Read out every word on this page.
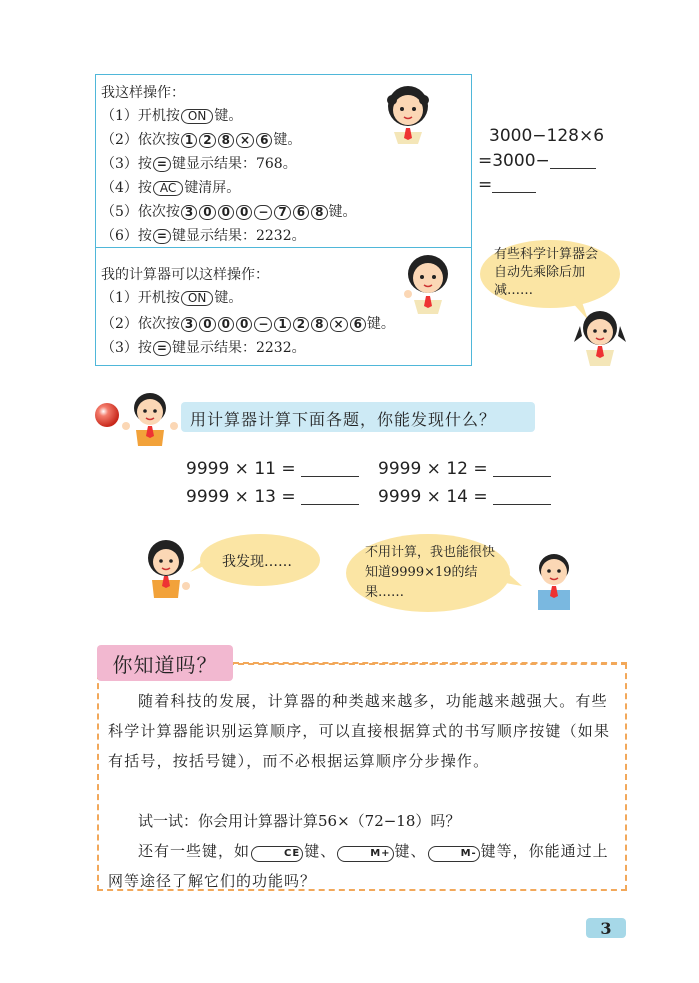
我这样操作：
（1） 开机按 ON 键。
（2） 依次按 1 2 8 × 6 键。
（3） 按 = 键显示结果：768。
（4） 按 AC 键清屏。
（5） 依次按 3 0 0 0 − 7 6 8 键。
（6） 按 = 键显示结果：2232。
我的计算器可以这样操作：
（1） 开机按 ON 键。
（2） 依次按 3 0 0 0 − 1 2 8 × 6 键。
（3） 按 = 键显示结果：2232。
3000−128×6
=3000−
=
有些科学计算器会自动先乘除后加减……
用计算器计算下面各题，你能发现什么？
9999 × 11 =	9999 × 12 =
9999 × 13 =	9999 × 14 =
我发现……
不用计算，我也能很快知道9999×19的结果……
你知道吗？
随着科技的发展，计算器的种类越来越多，功能越来越强大。有些科学计算器能识别运算顺序，可以直接根据算式的书写顺序按键（如果有括号，按括号键），而不必根据运算顺序分步操作。
试一试：你会用计算器计算56×（72−18）吗？
还有一些键，如	CE 键、	M+ 键、	M- 键等，你能通过上网等途径了解它们的功能吗？
3
